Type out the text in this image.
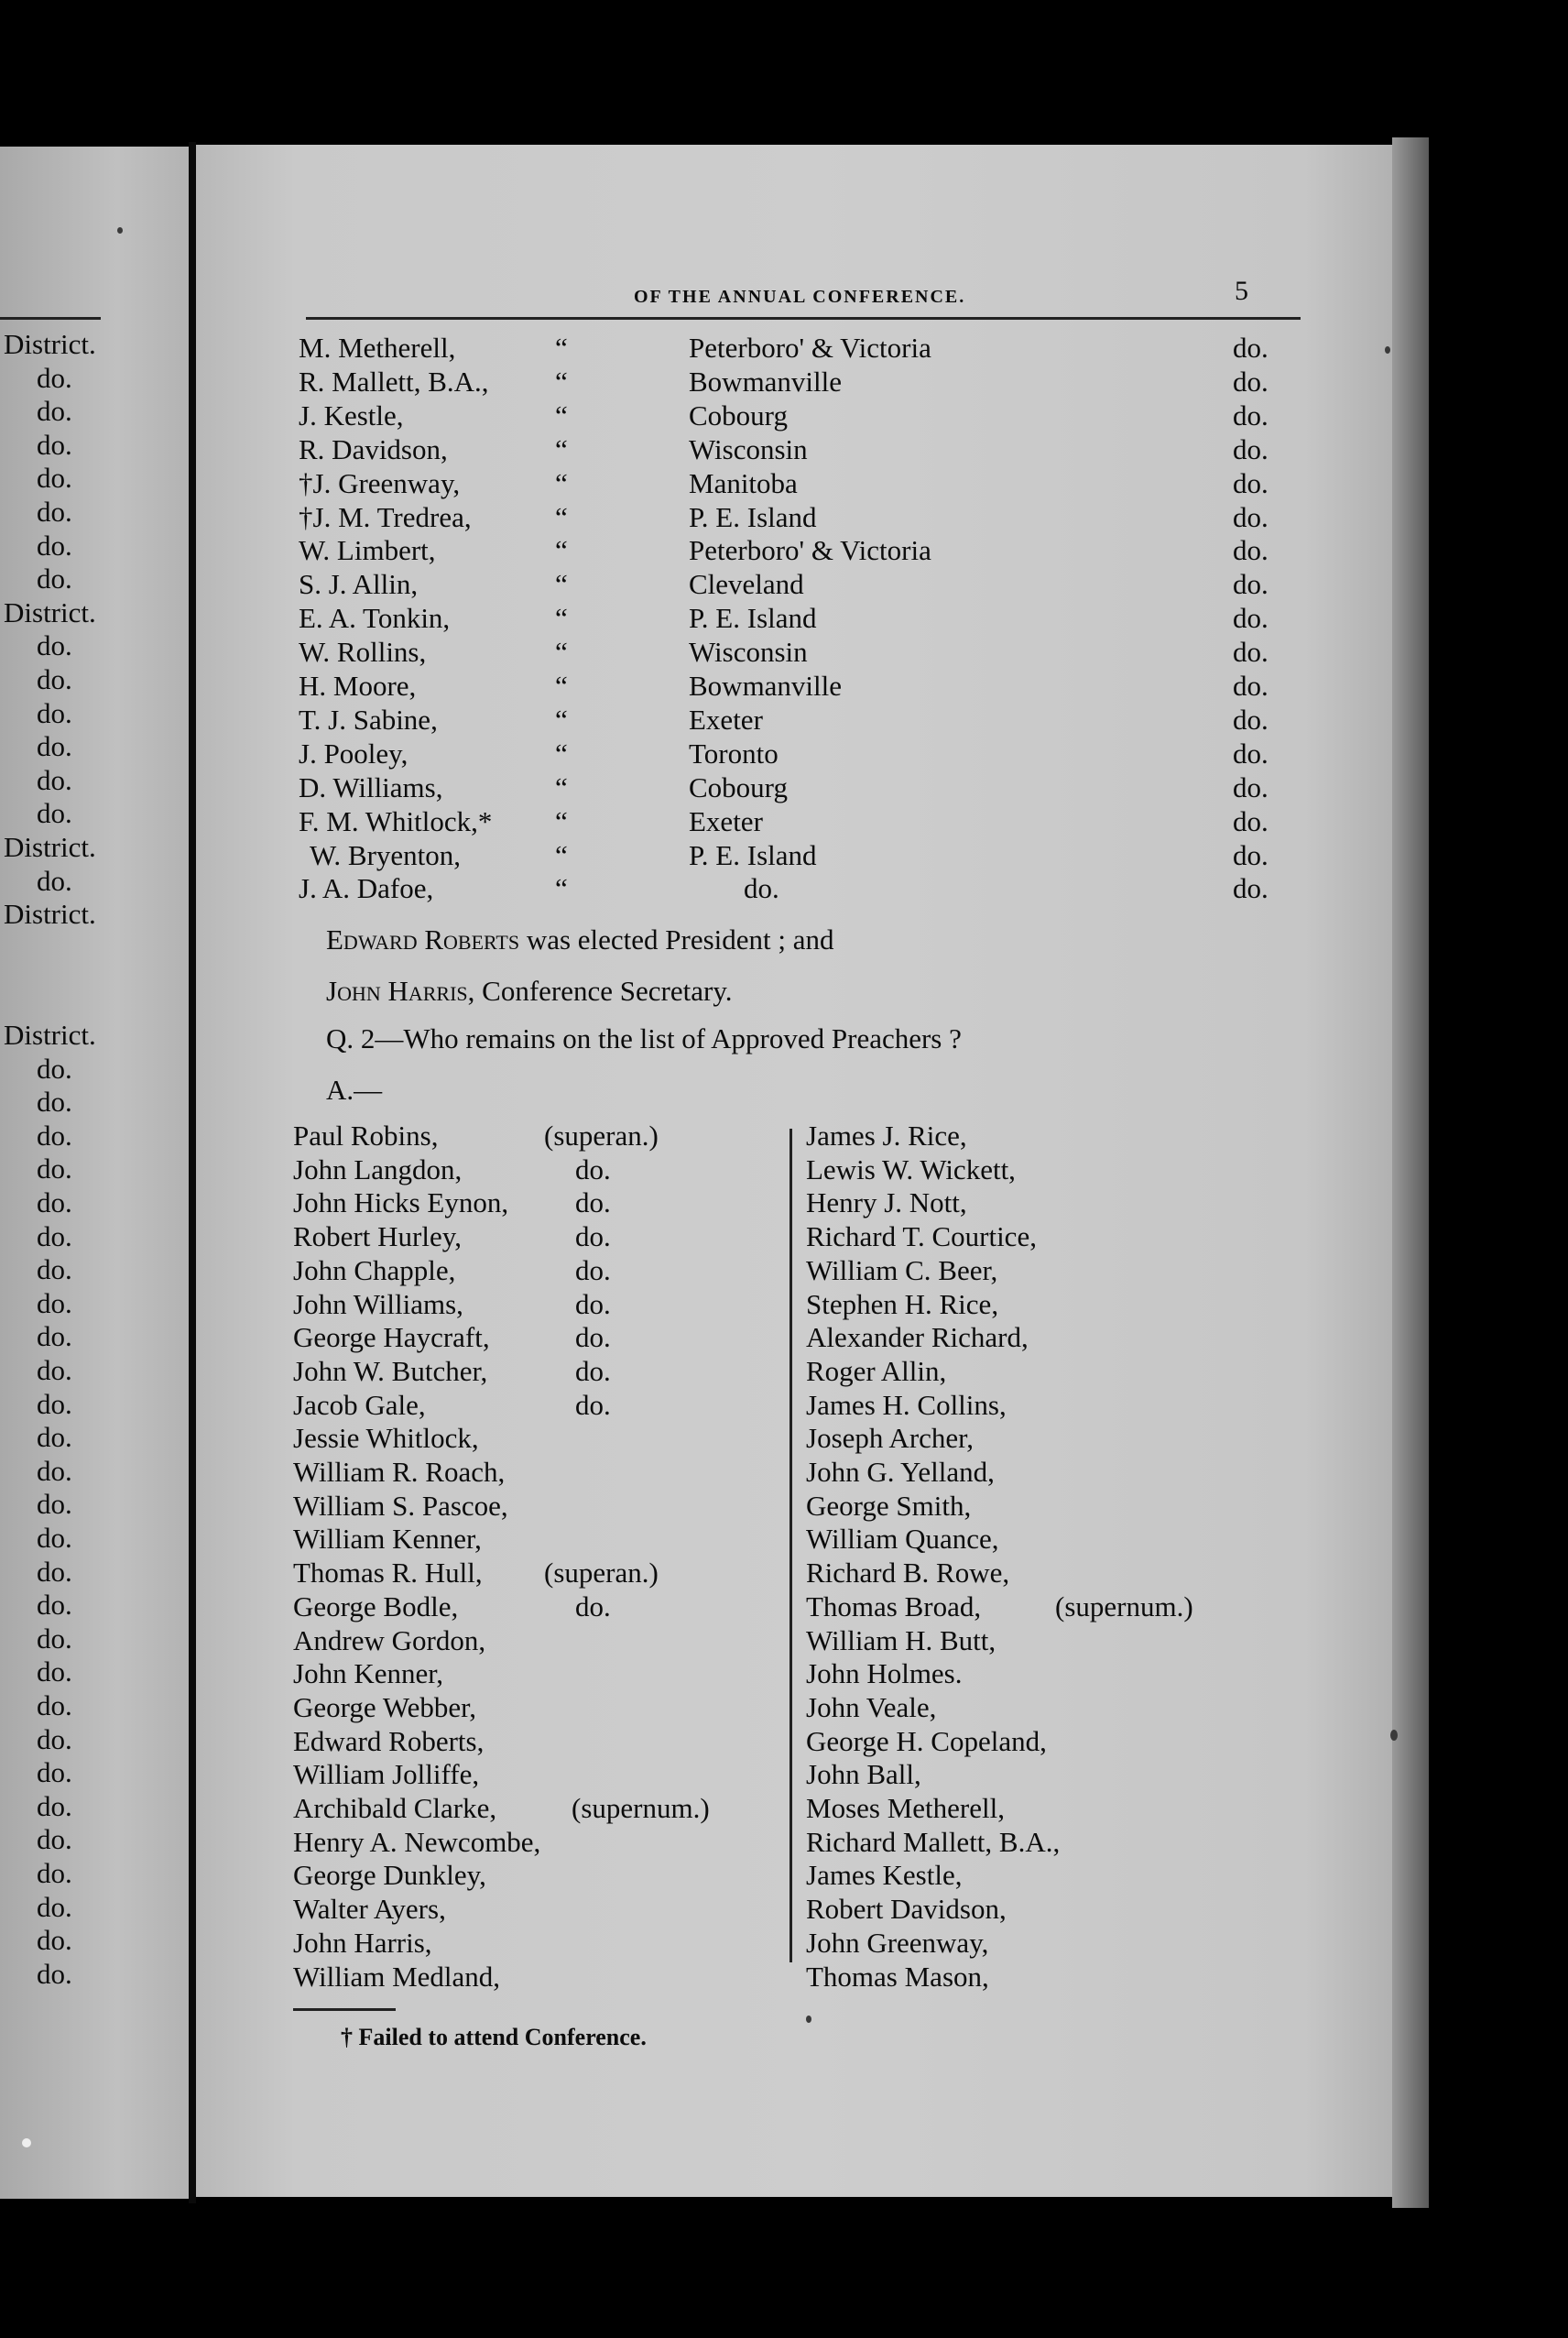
OF THE ANNUAL CONFERENCE.	5
District.
do.
do.
do.
do.
do.
do.
do.
District.
do.
do.
do.
do.
do.
do.
District.
do.
District.
District.
do.
do.
do.
do.
do.
do.
do.
do.
do.
do.
do.
do.
do.
do.
do.
do.
do.
do.
do.
do.
do.
do.
do.
do.
do.
do.
do.
do.
M. Metherell,	“	Peterboro' & Victoria	do.
R. Mallett, B.A., “	Bowmanville	do.
J. Kestle,	“	Cobourg	do.
R. Davidson,	“	Wisconsin	do.
†J. Greenway,	“	Manitoba	do.
†J. M. Tredrea,	“	P. E. Island	do.
W. Limbert,	“	Peterboro' & Victoria	do.
S. J. Allin,	“	Cleveland	do.
E. A. Tonkin,	“	P. E. Island	do.
W. Rollins,	“	Wisconsin	do.
H. Moore,	“	Bowmanville	do.
T. J. Sabine,	“	Exeter	do.
J. Pooley,	“	Toronto	do.
D. Williams,	“	Cobourg	do.
F. M. Whitlock,* “	Exeter	do.
W. Bryenton,	“	P. E. Island	do.
J. A. Dafoe,	“	do.	do.
Edward Roberts was elected President ; and
John Harris, Conference Secretary.
Q. 2—Who remains on the list of Approved Preachers ?
A.—
Paul Robins,	(superan.)
John Langdon,	do.
John Hicks Eynon, do.
Robert Hurley,	do.
John Chapple,	do.
John Williams,	do.
George Haycraft,	do.
John W. Butcher,	do.
Jacob Gale,	do.
Jessie Whitlock,
William R. Roach,
William S. Pascoe,
William Kenner,
Thomas R. Hull, (superan.)
George Bodle,	do.
Andrew Gordon,
John Kenner,
George Webber,
Edward Roberts,
William Jolliffe,
Archibald Clarke,	(supernum.)
Henry A. Newcombe,
George Dunkley,
Walter Ayers,
John Harris,
William Medland,
James J. Rice,
Lewis W. Wickett,
Henry J. Nott,
Richard T. Courtice,
William C. Beer,
Stephen H. Rice,
Alexander Richard,
Roger Allin,
James H. Collins,
Joseph Archer,
John G. Yelland,
George Smith,
William Quance,
Richard B. Rowe,
Thomas Broad,	(supernum.)
William H. Butt,
John Holmes.
John Veale,
George H. Copeland,
John Ball,
Moses Metherell,
Richard Mallett, B.A.,
James Kestle,
Robert Davidson,
John Greenway,
Thomas Mason,
† Failed to attend Conference.
